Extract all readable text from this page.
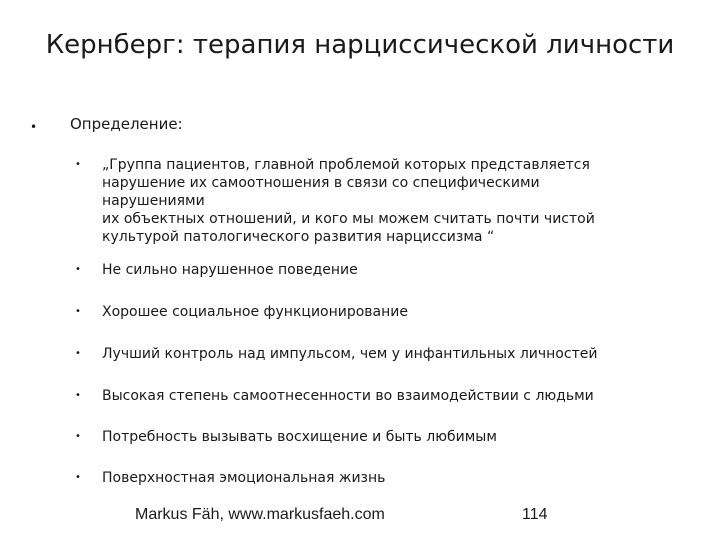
Кернберг: терапия нарциссической личности
• Определение:
• „Группа пациентов, главной проблемой которых представляется
нарушение их самоотношения в связи со специфическими нарушениями
их объектных отношений, и кого мы можем считать почти чистой
культурой патологического развития нарциссизма “
• Не сильно нарушенное поведение
• Хорошее социальное функционирование
• Лучший контроль над импульсом, чем у инфантильных личностей
• Высокая степень самоотнесенности во взаимодействии с людьми
• Потребность вызывать восхищение и быть любимым
• Поверхностная эмоциональная жизнь
Markus Fäh, www.markusfaeh.com	114
